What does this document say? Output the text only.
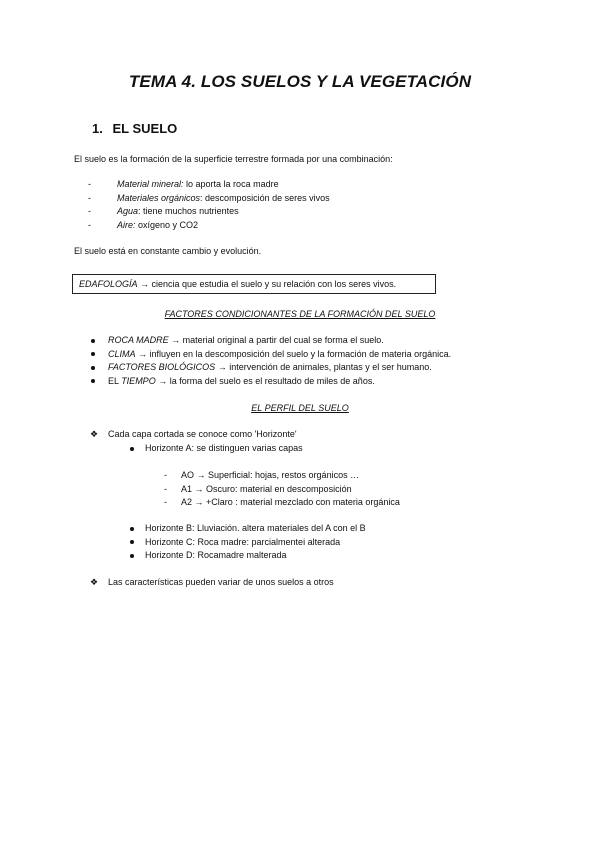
TEMA 4. LOS SUELOS Y LA VEGETACIÓN
1. EL SUELO
El suelo es la formación de la superficie terrestre formada por una combinación:
- Material mineral: lo aporta la roca madre
- Materiales orgánicos: descomposición de seres vivos
- Agua: tiene muchos nutrientes
- Aire: oxígeno y CO2
El suelo está en constante cambio y evolución.
EDAFOLOGÍA → ciencia que estudia el suelo y su relación con los seres vivos.
FACTORES CONDICIONANTES DE LA FORMACIÓN DEL SUELO
ROCA MADRE → material original a partir del cual se forma el suelo.
CLIMA → influyen en la descomposición del suelo y la formación de materia orgánica.
FACTORES BIOLÓGICOS → intervención de animales, plantas y el ser humano.
EL TIEMPO → la forma del suelo es el resultado de miles de años.
EL PERFIL DEL SUELO
❖ Cada capa cortada se conoce como 'Horizonte'
Horizonte A: se distinguen varias capas
- AO → Superficial: hojas, restos orgánicos …
- A1 → Oscuro: material en descomposición
- A2 → +Claro : material mezclado con materia orgánica
Horizonte B: Lluviación. altera materiales del A con el B
Horizonte C: Roca madre: parcialmentei alterada
Horizonte D: Rocamadre malterada
❖ Las características pueden variar de unos suelos a otros
